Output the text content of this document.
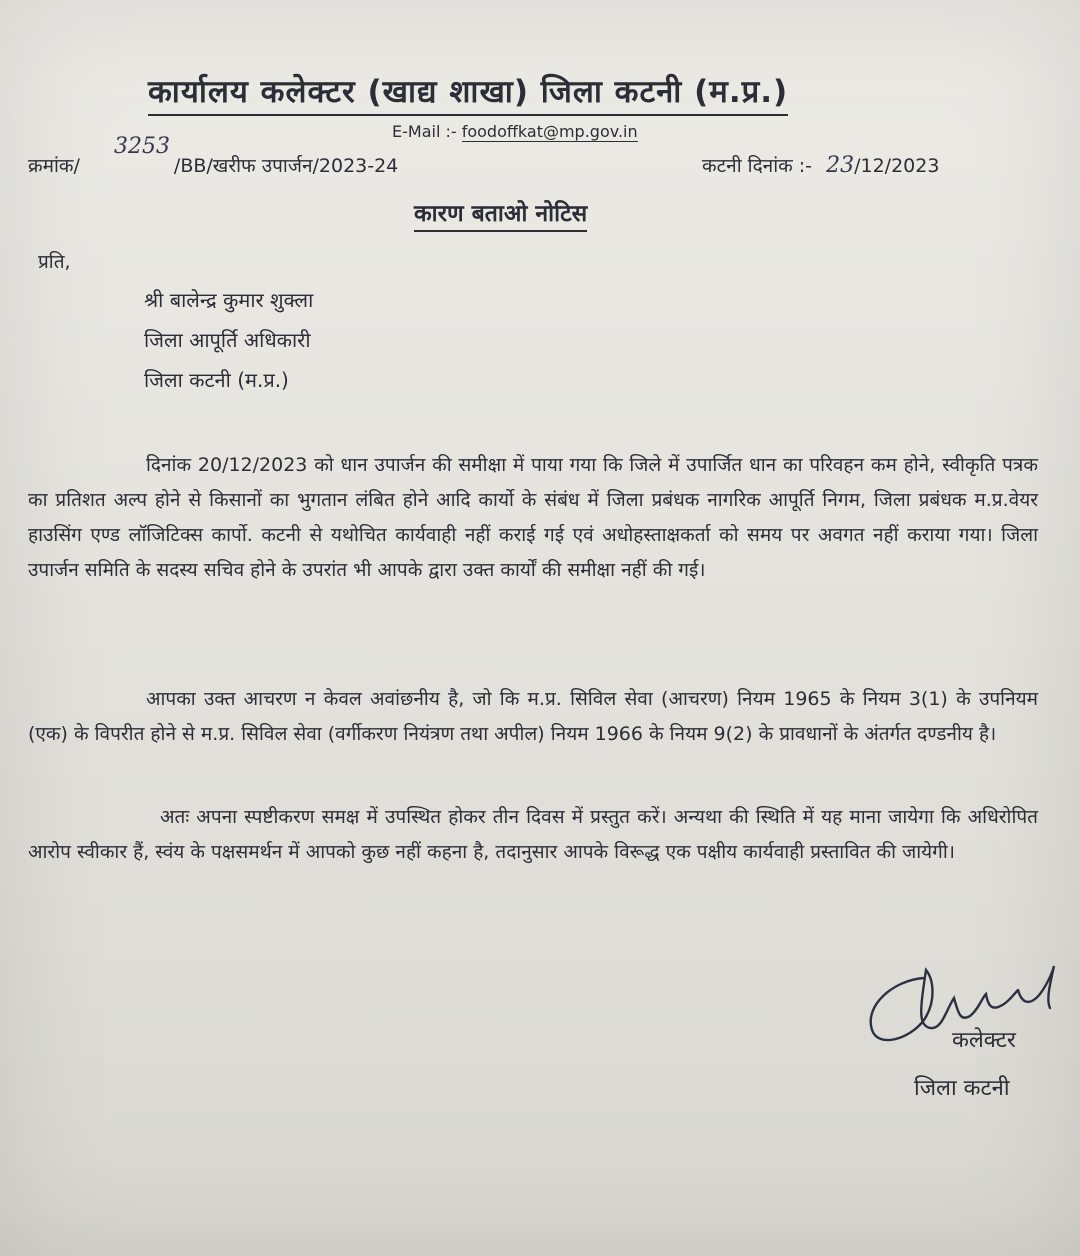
कार्यालय कलेक्टर (खाद्य शाखा) जिला कटनी (म.प्र.)
E-Mail :- foodoffkat@mp.gov.in
क्रमांक/
3253
/BB/खरीफ उपार्जन/2023-24	कटनी दिनांक :- 23/12/2023
कारण बताओ नोटिस
प्रति,
श्री बालेन्द्र कुमार शुक्ला
जिला आपूर्ति अधिकारी
जिला कटनी (म.प्र.)
दिनांक 20/12/2023 को धान उपार्जन की समीक्षा में पाया गया कि जिले में उपार्जित धान का परिवहन कम होने, स्वीकृति पत्रक का प्रतिशत अल्प होने से किसानों का भुगतान लंबित होने आदि कार्यो के संबंध में जिला प्रबंधक नागरिक आपूर्ति निगम, जिला प्रबंधक म.प्र.वेयर हाउसिंग एण्ड लॉजिटिक्स कार्पो. कटनी से यथोचित कार्यवाही नहीं कराई गई एवं अधोहस्ताक्षकर्ता को समय पर अवगत नहीं कराया गया। जिला उपार्जन समिति के सदस्य सचिव होने के उपरांत भी आपके द्वारा उक्त कार्यों की समीक्षा नहीं की गई।
आपका उक्त आचरण न केवल अवांछनीय है, जो कि म.प्र. सिविल सेवा (आचरण) नियम 1965 के नियम 3(1) के उपनियम (एक) के विपरीत होने से म.प्र. सिविल सेवा (वर्गीकरण नियंत्रण तथा अपील) नियम 1966 के नियम 9(2) के प्रावधानों के अंतर्गत दण्डनीय है।
अतः अपना स्पष्टीकरण समक्ष में उपस्थित होकर तीन दिवस में प्रस्तुत करें। अन्यथा की स्थिति में यह माना जायेगा कि अधिरोपित आरोप स्वीकार हैं, स्वंय के पक्षसमर्थन में आपको कुछ नहीं कहना है, तदानुसार आपके विरूद्ध एक पक्षीय कार्यवाही प्रस्तावित की जायेगी।
कलेक्टर
जिला कटनी
